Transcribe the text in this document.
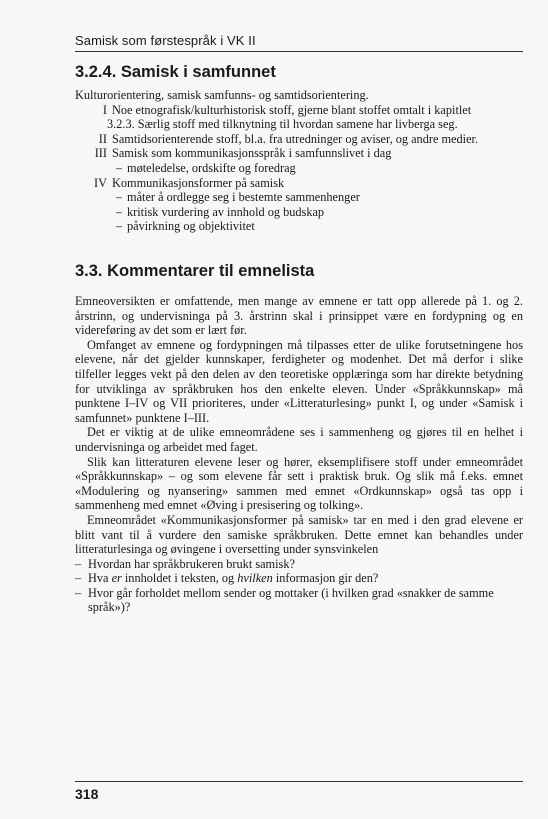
Samisk som førstespråk i VK II
3.2.4. Samisk i samfunnet
Kulturorientering, samisk samfunns- og samtidsorientering.
I Noe etnografisk/kulturhistorisk stoff, gjerne blant stoffet omtalt i kapitlet
3.2.3. Særlig stoff med tilknytning til hvordan samene har livberga seg.
II Samtidsorienterende stoff, bl.a. fra utredninger og aviser, og andre medier.
III Samisk som kommunikasjonsspråk i samfunnslivet i dag
– møteledelse, ordskifte og foredrag
IV Kommunikasjonsformer på samisk
– måter å ordlegge seg i bestemte sammenhenger
– kritisk vurdering av innhold og budskap
– påvirkning og objektivitet
3.3. Kommentarer til emnelista

Emneoversikten er omfattende, men mange av emnene er tatt opp allerede på 1. og 2. årstrinn, og undervisninga på 3. årstrinn skal i prinsippet være en fordypning og en videreføring av det som er lært før.

Omfanget av emnene og fordypningen må tilpasses etter de ulike forutsetningene hos elevene, når det gjelder kunnskaper, ferdigheter og modenhet. Det må derfor i slike tilfeller legges vekt på den delen av den teoretiske opplæringa som har direkte betydning for utviklinga av språkbruken hos den enkelte eleven. Under «Språkkunnskap» må punktene I–IV og VII prioriteres, under «Litteraturlesing» punkt I, og under «Samisk i samfunnet» punktene I–III.

Det er viktig at de ulike emneområdene ses i sammenheng og gjøres til en helhet i undervisninga og arbeidet med faget.

Slik kan litteraturen elevene leser og hører, eksemplifisere stoff under emneområdet «Språkkunnskap» – og som elevene får sett i praktisk bruk. Og slik må f.eks. emnet «Modulering og nyansering» sammen med emnet «Ordkunnskap» også tas opp i sammenheng med emnet «Øving i presisering og tolking».

Emneområdet «Kommunikasjonsformer på samisk» tar en med i den grad elevene er blitt vant til å vurdere den samiske språkbruken. Dette emnet kan behandles under litteraturlesinga og øvingene i oversetting under synsvinkelen

– Hvordan har språkbrukeren brukt samisk?
– Hva er innholdet i teksten, og hvilken informasjon gir den?
– Hvor går forholdet mellom sender og mottaker (i hvilken grad «snakker de samme språk»)?
318
